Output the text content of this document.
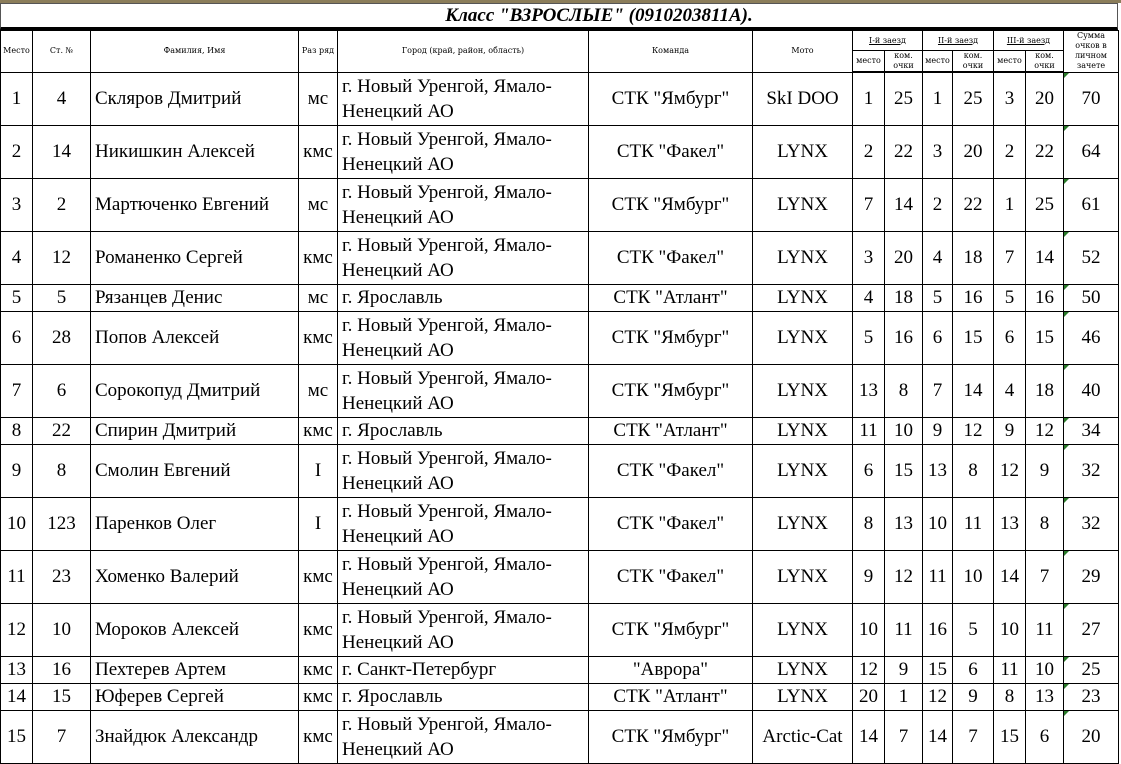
Класс "ВЗРОСЛЫЕ" (0910203811А).
Место	Ст. №	Фамилия, Имя	Раз ряд	Город (край, район, область)	Команда	Мото	I-й заезд		II-й заезд		III-й заезд		Сумма очков в личном зачете
							место	ком. очки	место	ком. очки	место	ком. очки	
1	4	Скляров Дмитрий	мс	г. Новый Уренгой, Ямало-Ненецкий АО	СТК "Ямбург"	SkI DOO	1	25	1	25	3	20	70
2	14	Никишкин Алексей	кмс	г. Новый Уренгой, Ямало-Ненецкий АО	СТК "Факел"	LYNX	2	22	3	20	2	22	64
3	2	Мартюченко Евгений	мс	г. Новый Уренгой, Ямало-Ненецкий АО	СТК "Ямбург"	LYNX	7	14	2	22	1	25	61
4	12	Романенко Сергей	кмс	г. Новый Уренгой, Ямало-Ненецкий АО	СТК "Факел"	LYNX	3	20	4	18	7	14	52
5	5	Рязанцев Денис	мс	г. Ярославль	СТК "Атлант"	LYNX	4	18	5	16	5	16	50
6	28	Попов Алексей	кмс	г. Новый Уренгой, Ямало-Ненецкий АО	СТК "Ямбург"	LYNX	5	16	6	15	6	15	46
7	6	Сорокопуд Дмитрий	мс	г. Новый Уренгой, Ямало-Ненецкий АО	СТК "Ямбург"	LYNX	13	8	7	14	4	18	40
8	22	Спирин Дмитрий	кмс	г. Ярославль	СТК "Атлант"	LYNX	11	10	9	12	9	12	34
9	8	Смолин Евгений	I	г. Новый Уренгой, Ямало-Ненецкий АО	СТК "Факел"	LYNX	6	15	13	8	12	9	32
10	123	Паренков Олег	I	г. Новый Уренгой, Ямало-Ненецкий АО	СТК "Факел"	LYNX	8	13	10	11	13	8	32
11	23	Хоменко Валерий	кмс	г. Новый Уренгой, Ямало-Ненецкий АО	СТК "Факел"	LYNX	9	12	11	10	14	7	29
12	10	Мороков Алексей	кмс	г. Новый Уренгой, Ямало-Ненецкий АО	СТК "Ямбург"	LYNX	10	11	16	5	10	11	27
13	16	Пехтерев Артем	кмс	г. Санкт-Петербург	"Аврора"	LYNX	12	9	15	6	11	10	25
14	15	Юферев Сергей	кмс	г. Ярославль	СТК "Атлант"	LYNX	20	1	12	9	8	13	23
15	7	Знайдюк Александр	кмс	г. Новый Уренгой, Ямало-Ненецкий АО	СТК "Ямбург"	Arctic-Cat	14	7	14	7	15	6	20
